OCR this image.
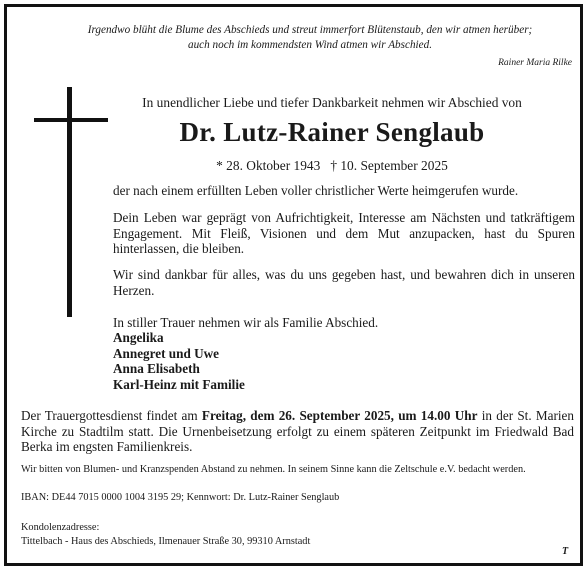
Irgendwo blüht die Blume des Abschieds und streut immerfort Blütenstaub, den wir atmen herüber;
auch noch im kommendsten Wind atmen wir Abschied.
Rainer Maria Rilke
In unendlicher Liebe und tiefer Dankbarkeit nehmen wir Abschied von
Dr. Lutz-Rainer Senglaub
* 28. Oktober 1943   † 10. September 2025
der nach einem erfüllten Leben voller christlicher Werte heimgerufen wurde.
Dein Leben war geprägt von Aufrichtigkeit, Interesse am Nächsten und tatkräftigem Engagement. Mit Fleiß, Visionen und dem Mut anzupacken, hast du Spuren hinterlassen, die bleiben.
Wir sind dankbar für alles, was du uns gegeben hast, und bewahren dich in unseren Herzen.
In stiller Trauer nehmen wir als Familie Abschied.
Angelika
Annegret und Uwe
Anna Elisabeth
Karl-Heinz mit Familie
Der Trauergottesdienst findet am Freitag, dem 26. September 2025, um 14.00 Uhr in der St. Marien Kirche zu Stadtilm statt. Die Urnenbeisetzung erfolgt zu einem späteren Zeitpunkt im Friedwald Bad Berka im engsten Familienkreis.
Wir bitten von Blumen- und Kranzspenden Abstand zu nehmen. In seinem Sinne kann die Zeltschule e.V. bedacht werden.
IBAN: DE44 7015 0000 1004 3195 29; Kennwort: Dr. Lutz-Rainer Senglaub
Kondolenzadresse:
Tittelbach - Haus des Abschieds, Ilmenauer Straße 30, 99310 Arnstadt
T
